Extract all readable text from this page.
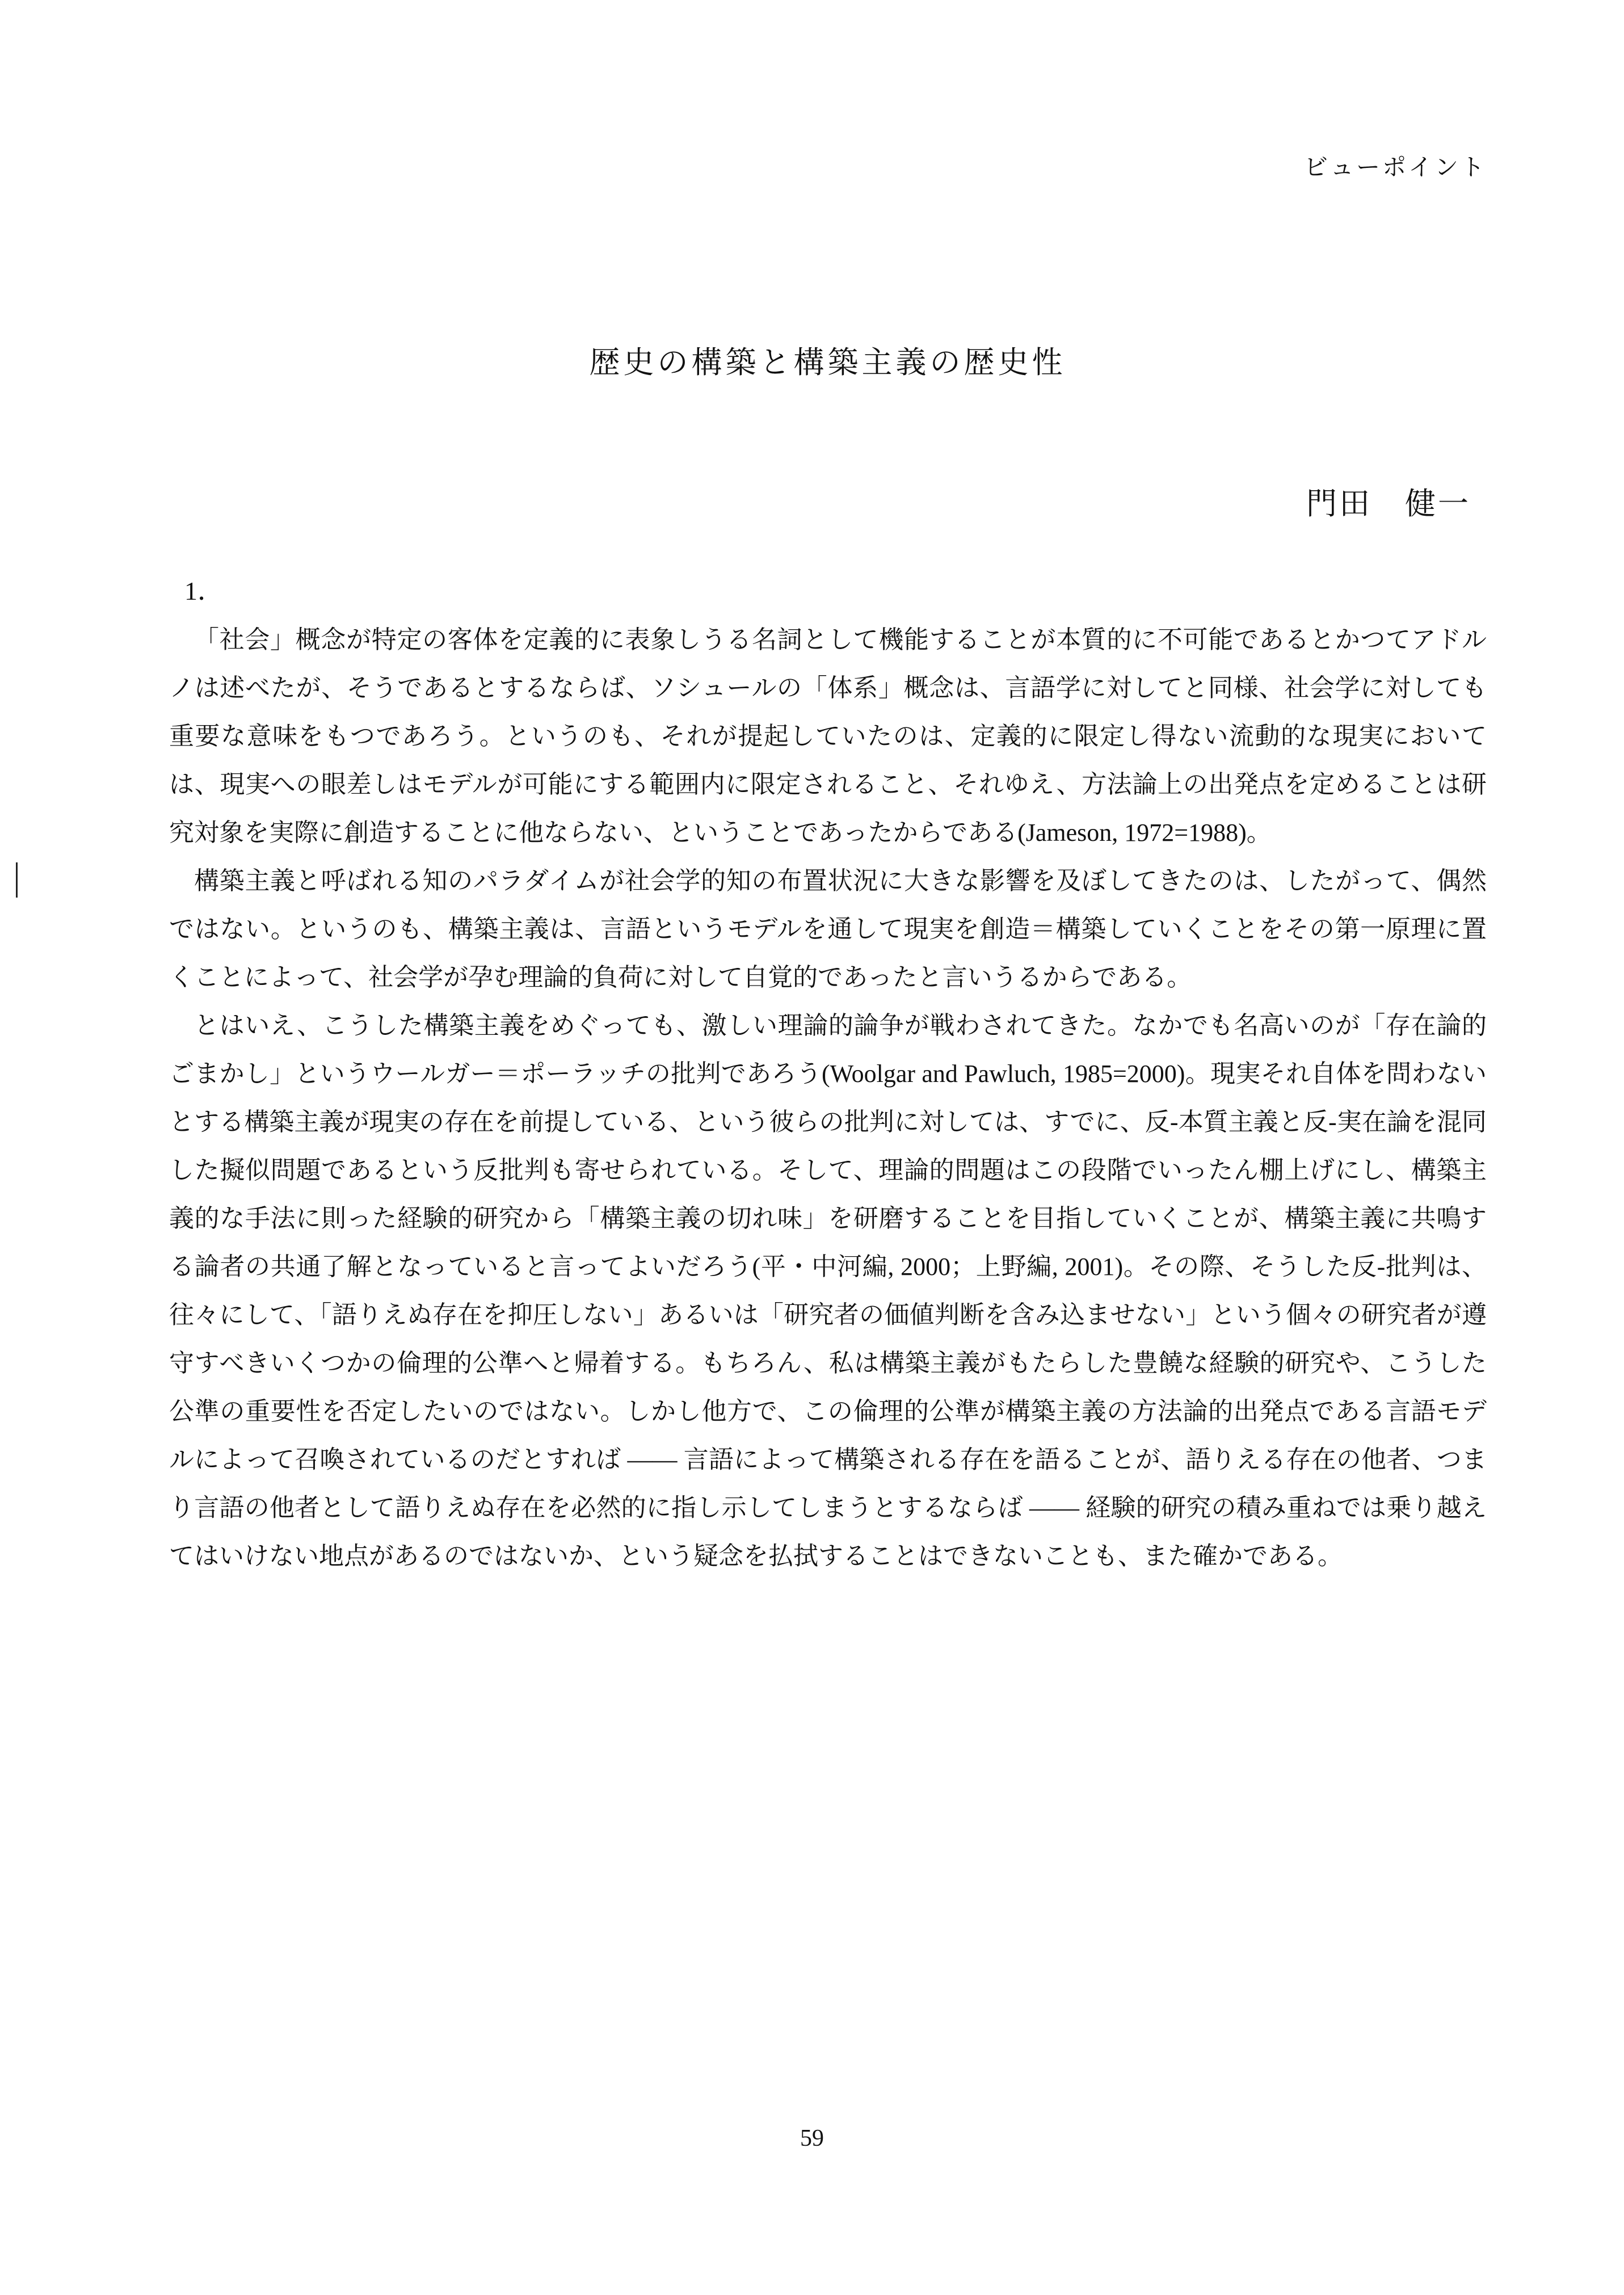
ビューポイント
歴史の構築と構築主義の歴史性
門田　健一
1．

「社会」概念が特定の客体を定義的に表象しうる名詞として機能することが本質的に不可能であるとかつてアドルノは述べたが、そうであるとするならば、ソシュールの「体系」概念は、言語学に対してと同様、社会学に対しても重要な意味をもつであろう。というのも、それが提起していたのは、定義的に限定し得ない流動的な現実においては、現実への眼差しはモデルが可能にする範囲内に限定されること、それゆえ、方法論上の出発点を定めることは研究対象を実際に創造することに他ならない、ということであったからである(Jameson, 1972=1988)。

構築主義と呼ばれる知のパラダイムが社会学的知の布置状況に大きな影響を及ぼしてきたのは、したがって、偶然ではない。というのも、構築主義は、言語というモデルを通して現実を創造＝構築していくことをその第一原理に置くことによって、社会学が孕む理論的負荷に対して自覚的であったと言いうるからである。

とはいえ、こうした構築主義をめぐっても、激しい理論的論争が戦わされてきた。なかでも名高いのが「存在論的ごまかし」というウールガー＝ポーラッチの批判であろう(Woolgar and Pawluch, 1985=2000)。現実それ自体を問わないとする構築主義が現実の存在を前提している、という彼らの批判に対しては、すでに、反-本質主義と反-実在論を混同した擬似問題であるという反批判も寄せられている。そして、理論的問題はこの段階でいったん棚上げにし、構築主義的な手法に則った経験的研究から「構築主義の切れ味」を研磨することを目指していくことが、構築主義に共鳴する論者の共通了解となっていると言ってよいだろう(平・中河編, 2000；上野編, 2001)。その際、そうした反-批判は、往々にして、「語りえぬ存在を抑圧しない」あるいは「研究者の価値判断を含み込ませない」という個々の研究者が遵守すべきいくつかの倫理的公準へと帰着する。もちろん、私は構築主義がもたらした豊饒な経験的研究や、こうした公準の重要性を否定したいのではない。しかし他方で、この倫理的公準が構築主義の方法論的出発点である言語モデルによって召喚されているのだとすれば ―― 言語によって構築される存在を語ることが、語りえる存在の他者、つまり言語の他者として語りえぬ存在を必然的に指し示してしまうとするならば ―― 経験的研究の積み重ねでは乗り越えてはいけない地点があるのではないか、という疑念を払拭することはできないことも、また確かである。

59
